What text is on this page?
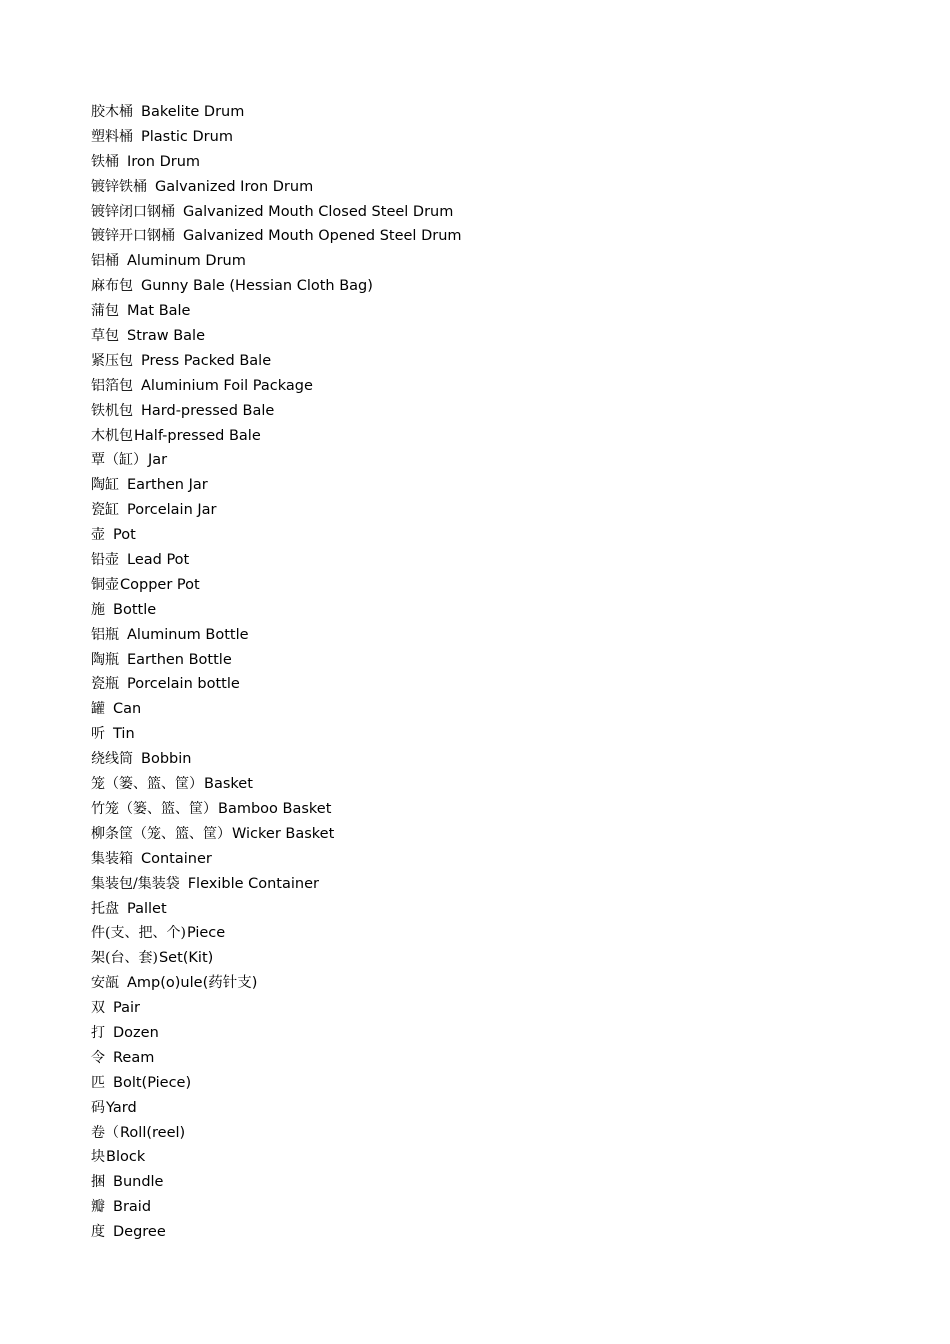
胶木桶 Bakelite Drum
塑料桶 Plastic Drum
铁桶 Iron Drum
镀锌铁桶 Galvanized Iron Drum
镀锌闭口钢桶 Galvanized Mouth Closed Steel Drum
镀锌开口钢桶 Galvanized Mouth Opened Steel Drum
铝桶 Aluminum Drum
麻布包 Gunny Bale (Hessian Cloth Bag)
蒲包 Mat Bale
草包 Straw Bale
紧压包 Press Packed Bale
铝箔包 Aluminium Foil Package
铁机包 Hard-pressed Bale
木机包Half-pressed Bale
覃（缸）Jar
陶缸 Earthen Jar
瓷缸 Porcelain Jar
壶 Pot
铅壶 Lead Pot
铜壶Copper Pot
施 Bottle
铝瓶 Aluminum Bottle
陶瓶 Earthen Bottle
瓷瓶 Porcelain bottle
罐 Can
听 Tin
绕线筒 Bobbin
笼（篓、篮、筐）Basket
竹笼（篓、篮、筐）Bamboo Basket
柳条筐（笼、篮、筐）Wicker Basket
集装箱 Container
集装包/集装袋 Flexible Container
托盘 Pallet
件(支、把、个)Piece
架(台、套)Set(Kit)
安瓿 Amp(o)ule(药针支)
双 Pair
打 Dozen
令 Ream
匹 Bolt(Piece)
码Yard
卷（Roll(reel)
块Block
捆 Bundle
瓣 Braid
度 Degree
